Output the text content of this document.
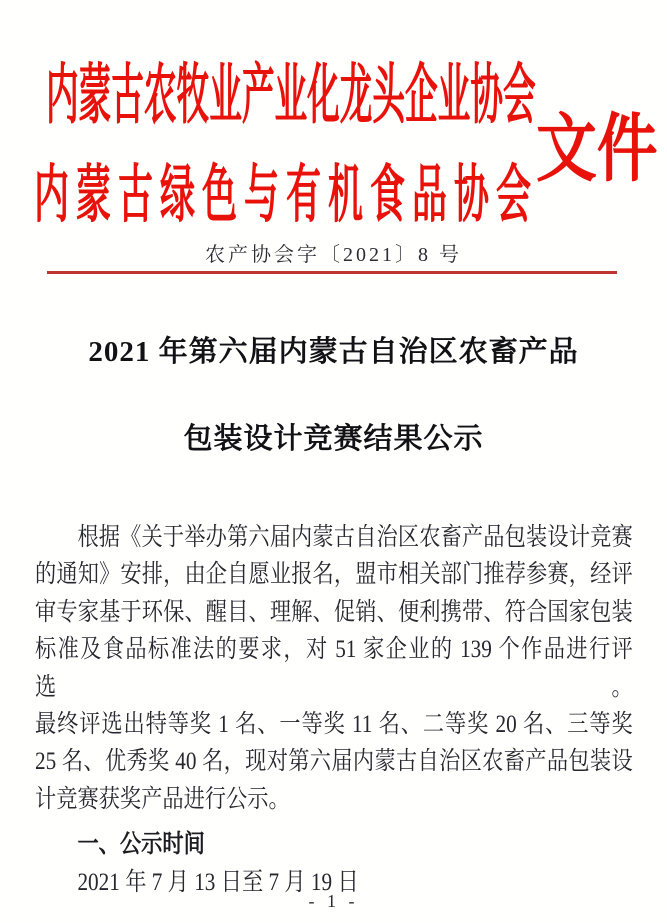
内蒙古农牧业产业化龙头企业协会
内蒙古绿色与有机食品协会
文件
农产协会字〔2021〕8 号
2021 年第六届内蒙古自治区农畜产品
包装设计竞赛结果公示
根据《关于举办第六届内蒙古自治区农畜产品包装设计竞赛
的通知》安排，由企自愿业报名，盟市相关部门推荐参赛，经评
审专家基于环保、醒目、理解、促销、便利携带、符合国家包装
标准及食品标准法的要求，对 51 家企业的 139 个作品进行评选。
最终评选出特等奖 1 名、一等奖 11 名、二等奖 20 名、三等奖
25 名、优秀奖 40 名，现对第六届内蒙古自治区农畜产品包装设
计竞赛获奖产品进行公示。
一、公示时间
2021 年 7 月 13 日至 7 月 19 日
- 1 -
